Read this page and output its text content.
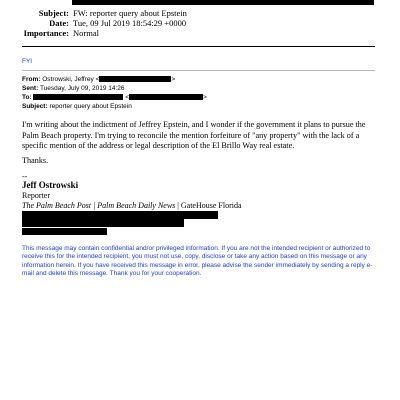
Subject: FW: reporter query about Epstein
Date: Tue, 09 Jul 2019 18:54:29 +0000
Importance: Normal
FYI
From: Ostrowski, Jeffrey <	>
Sent: Tuesday, July 09, 2019 14:26
To:	<	>
Subject: reporter query about Epstein
I'm writing about the indictment of Jeffrey Epstein, and I wonder if the government it plans to pursue the Palm Beach property. I'm trying to reconcile the mention forfeiture of "any property" with the lack of a specific mention of the address or legal description of the El Brillo Way real estate.
Thanks.
--
Jeff Ostrowski
Reporter
The Palm Beach Post | Palm Beach Daily News | GateHouse Florida
This message may contain confidential and/or privileged information. If you are not the intended recipient or authorized to receive this for the intended recipient, you must not use, copy, disclose or take any action based on this message or any information herein. If you have received this message in error, please advise the sender immediately by sending a reply e-mail and delete this message. Thank you for your cooperation.
